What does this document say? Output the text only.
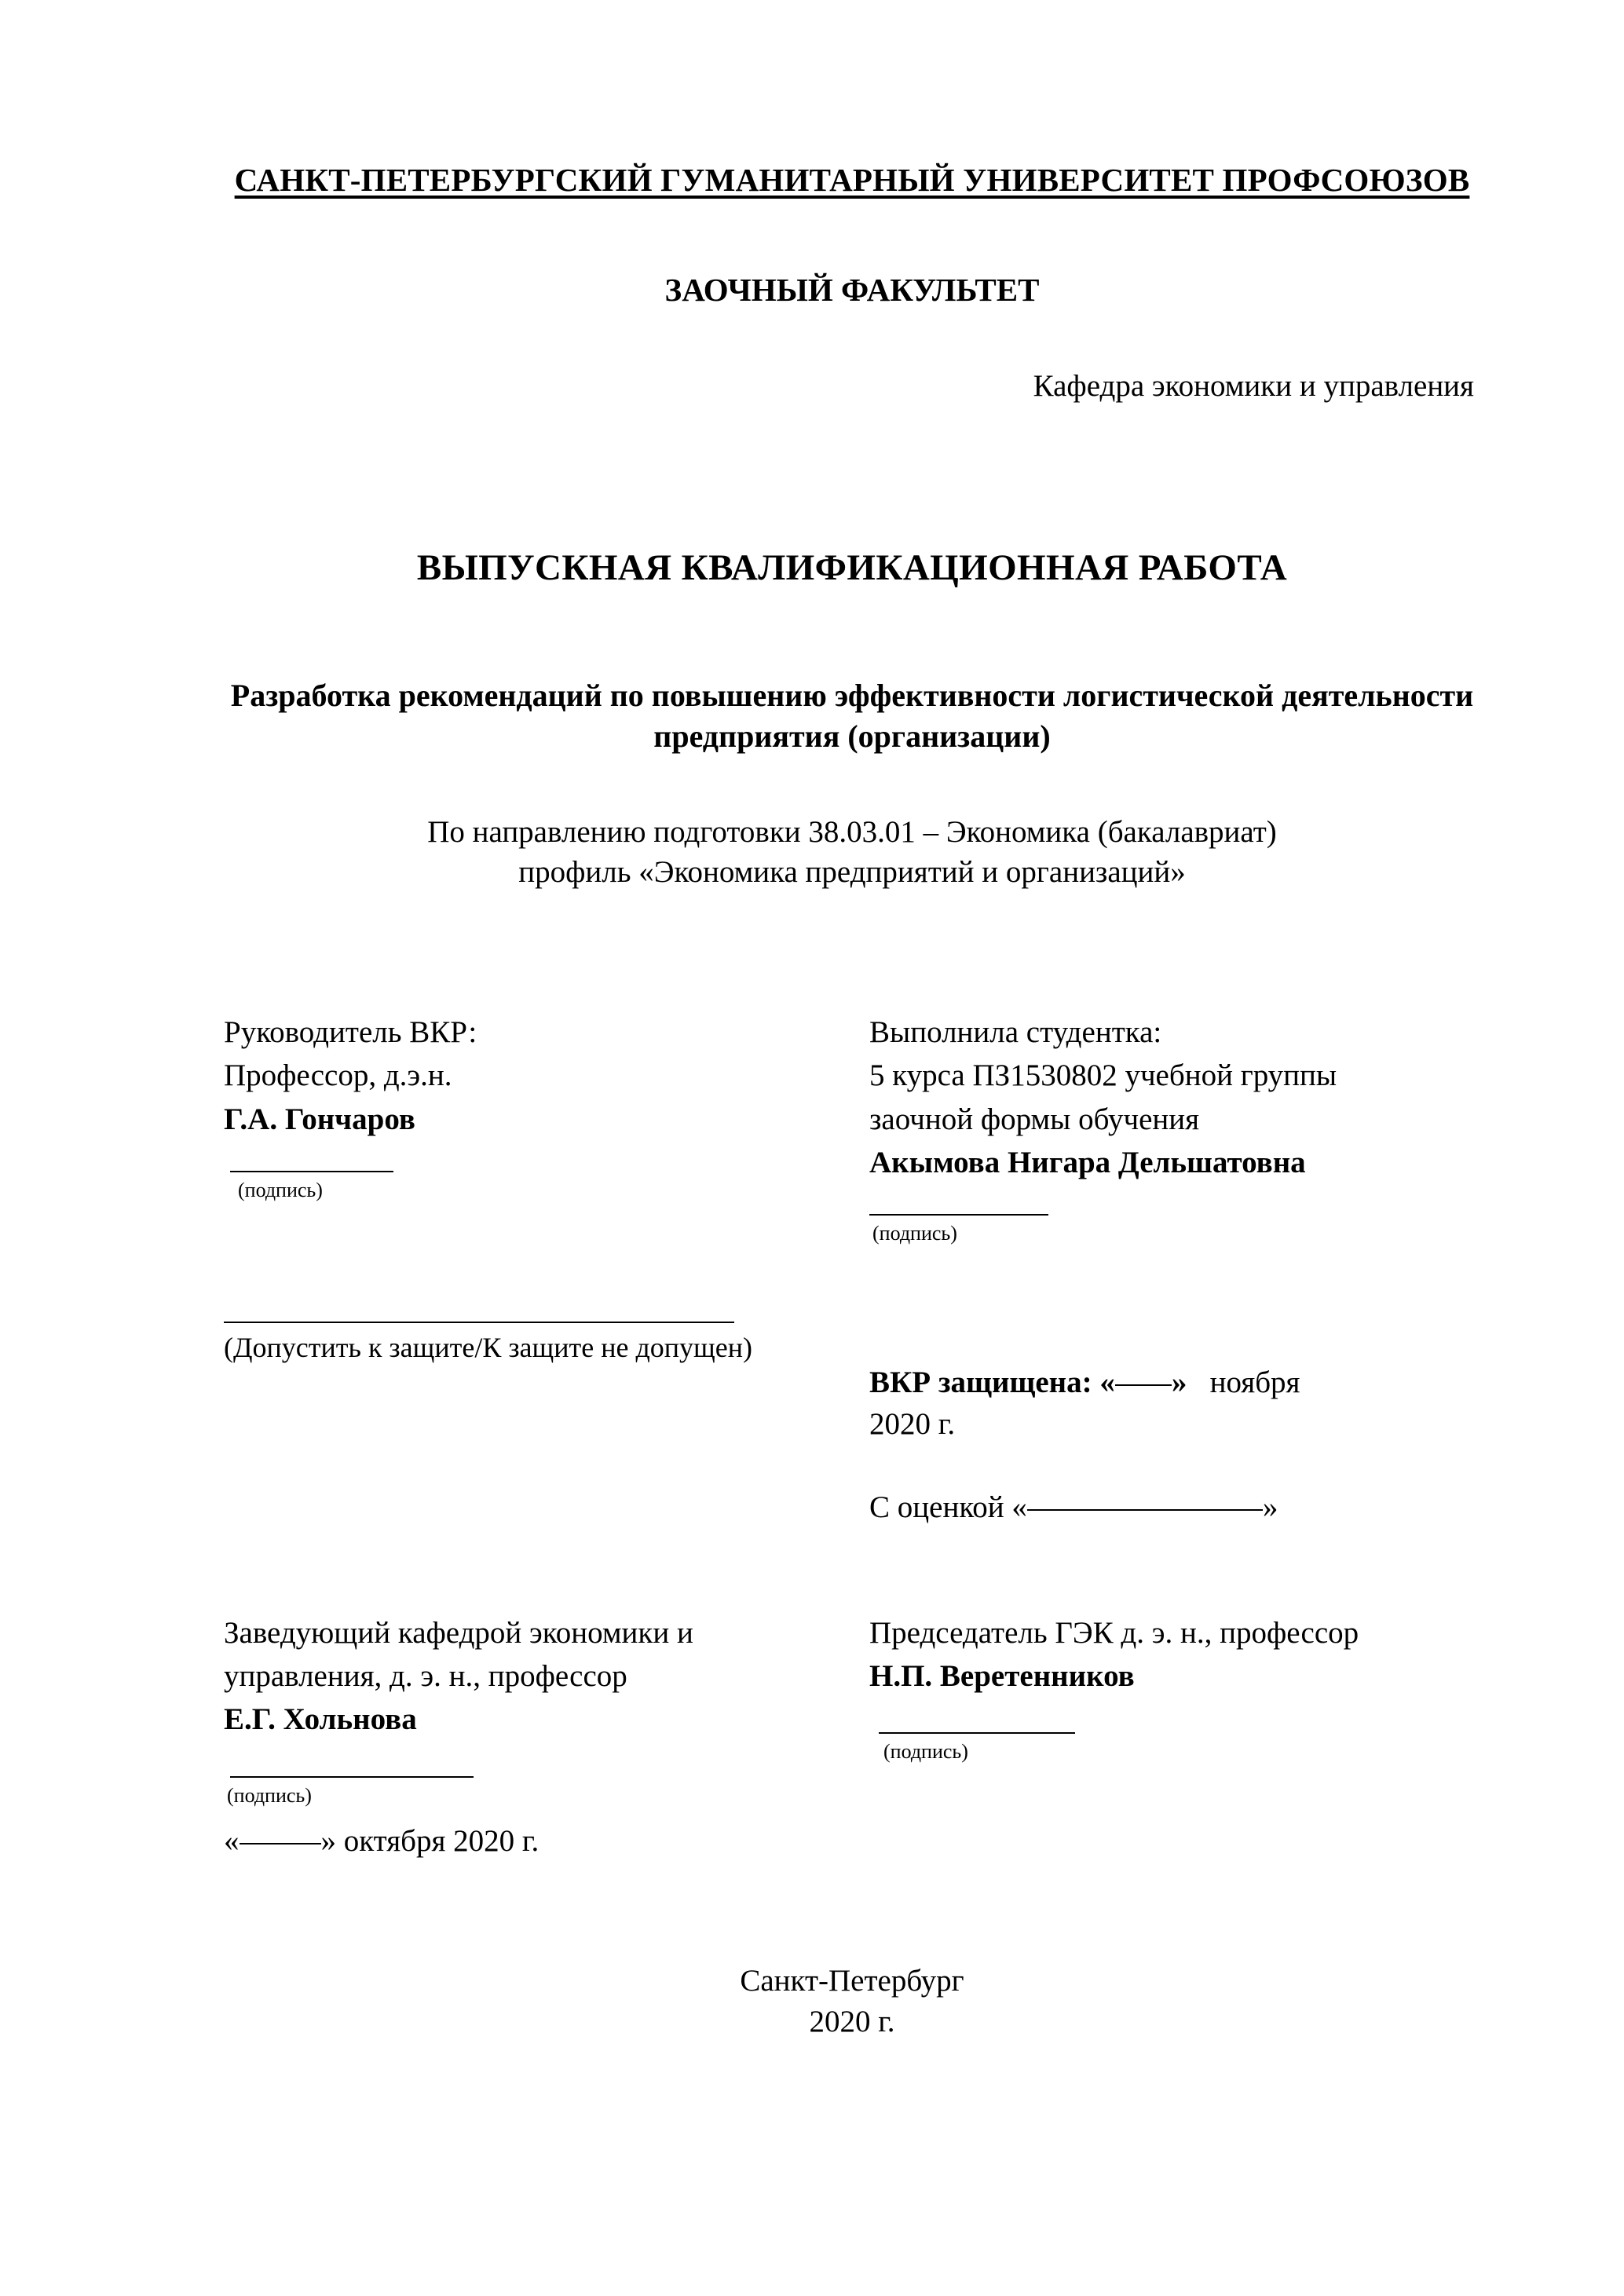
САНКТ-ПЕТЕРБУРГСКИЙ ГУМАНИТАРНЫЙ УНИВЕРСИТЕТ ПРОФСОЮЗОВ
ЗАОЧНЫЙ ФАКУЛЬТЕТ
Кафедра экономики и управления
ВЫПУСКНАЯ КВАЛИФИКАЦИОННАЯ РАБОТА
Разработка рекомендаций по повышению эффективности логистической деятельности предприятия (организации)
По направлению подготовки 38.03.01 – Экономика (бакалавриат)
профиль «Экономика предприятий и организаций»
Руководитель ВКР:
Профессор, д.э.н.
Г.А. Гончаров
(подпись)
(Допустить к защите/К защите не допущен)
Выполнила студентка:
5 курса ПЗ1530802 учебной группы
заочной формы обучения
Акымова Нигара Дельшатовна
(подпись)
ВКР защищена: « » ноября
2020 г.
С оценкой «	»
Заведующий кафедрой экономики и
управления, д. э. н., профессор
Е.Г. Хольнова
(подпись)
«	» октября 2020 г.
Председатель ГЭК д. э. н., профессор
Н.П. Веретенников
(подпись)
Санкт-Петербург
2020 г.
